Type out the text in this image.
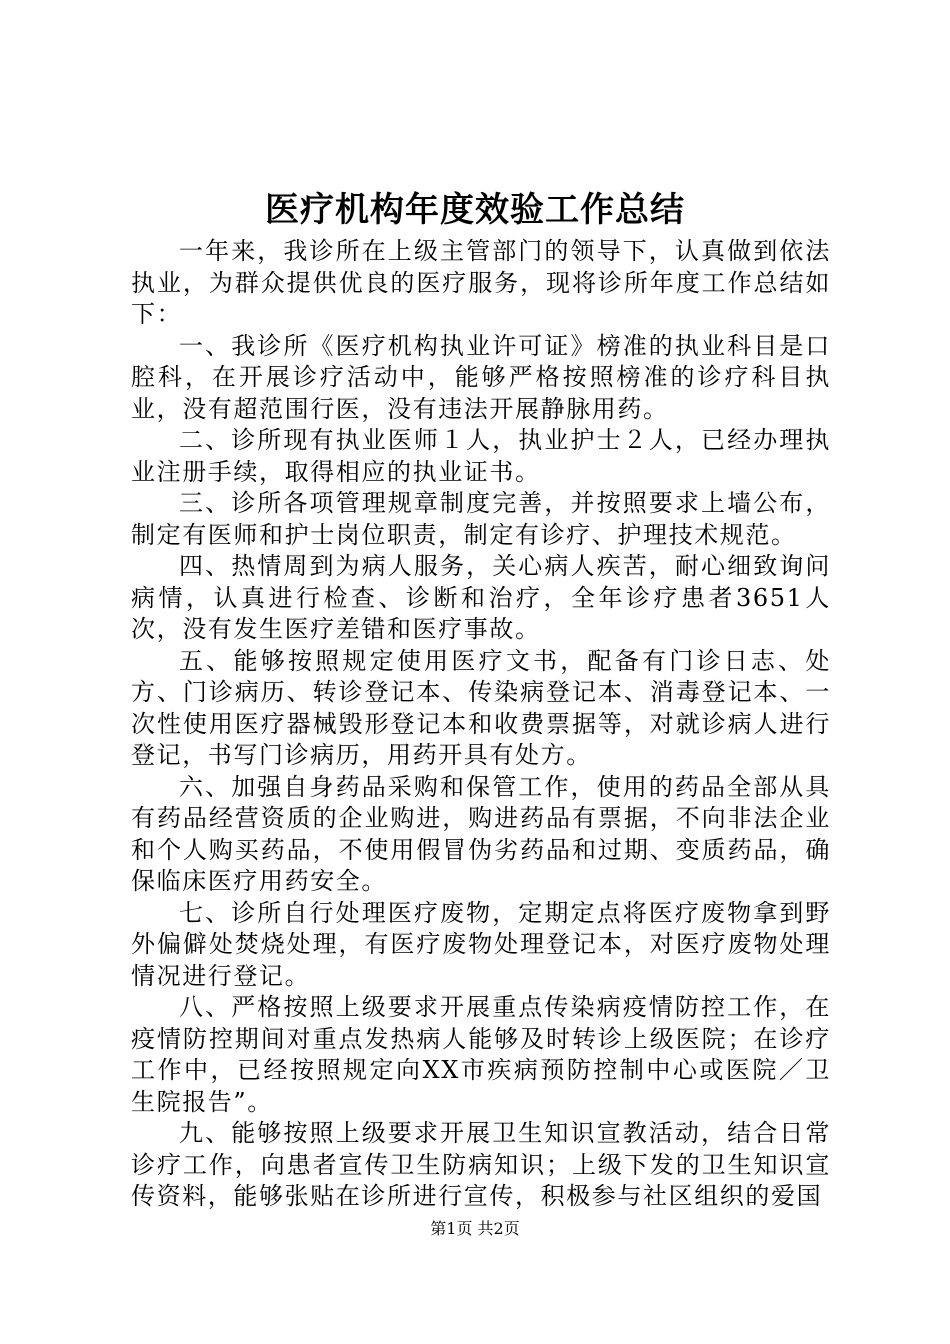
医疗机构年度效验工作总结

一年来，我诊所在上级主管部门的领导下，认真做到依法执业，为群众提供优良的医疗服务，现将诊所年度工作总结如下：

一、我诊所《医疗机构执业许可证》榜准的执业科目是口腔科，在开展诊疗活动中，能够严格按照榜准的诊疗科目执业，没有超范围行医，没有违法开展静脉用药。

二、诊所现有执业医师１人，执业护士２人，已经办理执业注册手续，取得相应的执业证书。

三、诊所各项管理规章制度完善，并按照要求上墙公布，制定有医师和护士岗位职责，制定有诊疗、护理技术规范。

四、热情周到为病人服务，关心病人疾苦，耐心细致询问病情，认真进行检查、诊断和治疗，全年诊疗患者3651人次，没有发生医疗差错和医疗事故。

五、能够按照规定使用医疗文书，配备有门诊日志、处方、门诊病历、转诊登记本、传染病登记本、消毒登记本、一次性使用医疗器械毁形登记本和收费票据等，对就诊病人进行登记，书写门诊病历，用药开具有处方。

六、加强自身药品采购和保管工作，使用的药品全部从具有药品经营资质的企业购进，购进药品有票据，不向非法企业和个人购买药品，不使用假冒伪劣药品和过期、变质药品，确保临床医疗用药安全。

七、诊所自行处理医疗废物，定期定点将医疗废物拿到野外偏僻处焚烧处理，有医疗废物处理登记本，对医疗废物处理情况进行登记。

八、严格按照上级要求开展重点传染病疫情防控工作，在疫情防控期间对重点发热病人能够及时转诊上级医院；在诊疗工作中，已经按照规定向XX市疾病预防控制中心或医院／卫生院报告”。

九、能够按照上级要求开展卫生知识宣教活动，结合日常诊疗工作，向患者宣传卫生防病知识；上级下发的卫生知识宣传资料，能够张贴在诊所进行宣传，积极参与社区组织的爱国

第1页 共2页
